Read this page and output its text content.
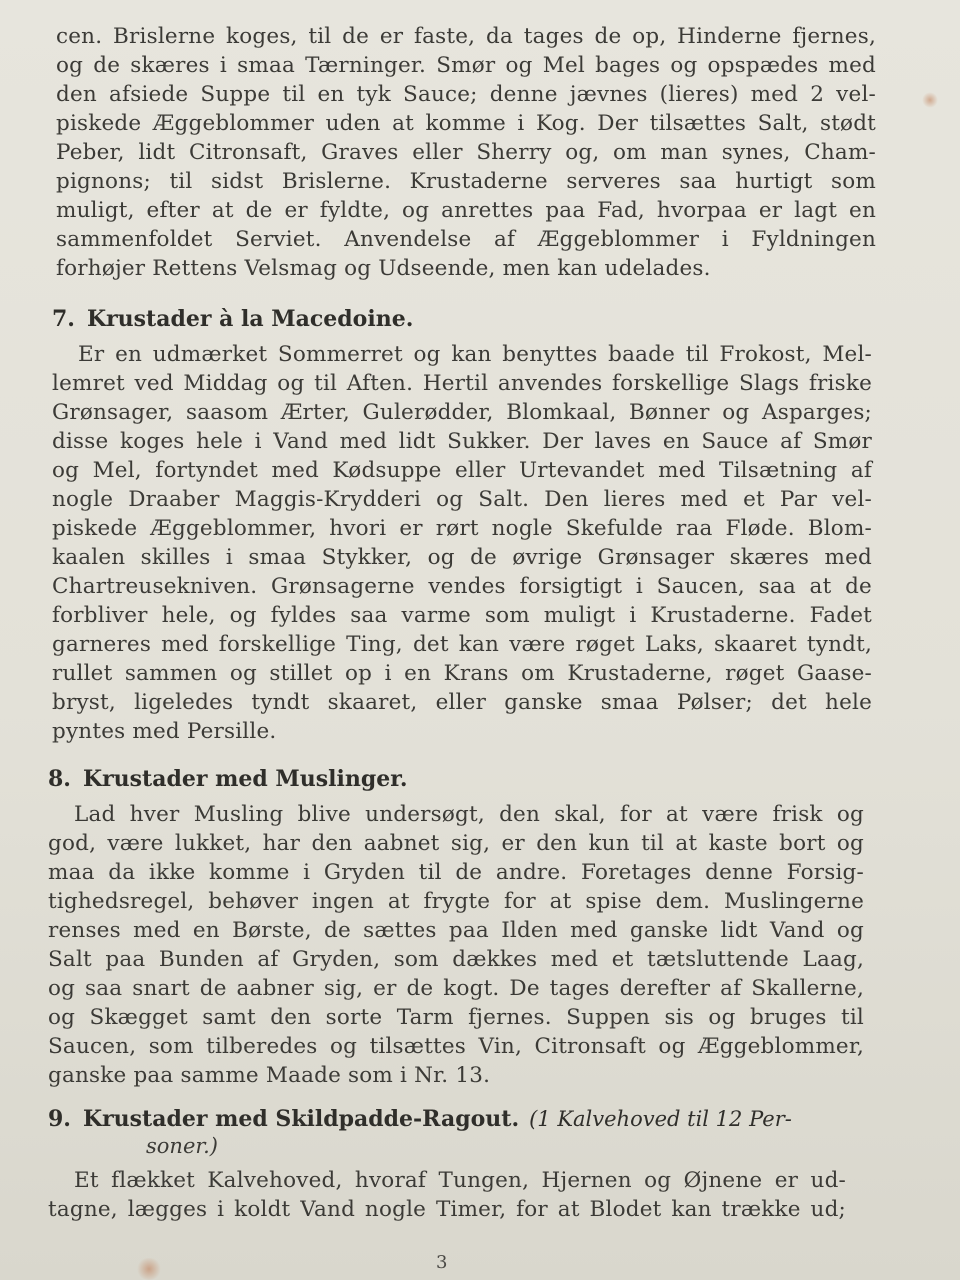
cen. Brislerne koges, til de er faste, da tages de op, Hinderne fjernes,
og de skæres i smaa Tærninger. Smør og Mel bages og opspædes med
den afsiede Suppe til en tyk Sauce; denne jævnes (lieres) med 2 vel-
piskede Æggeblommer uden at komme i Kog. Der tilsættes Salt, stødt
Peber, lidt Citronsaft, Graves eller Sherry og, om man synes, Cham-
pignons; til sidst Brislerne. Krustaderne serveres saa hurtigt som
muligt, efter at de er fyldte, og anrettes paa Fad, hvorpaa er lagt en
sammenfoldet Serviet. Anvendelse af Æggeblommer i Fyldningen
forhøjer Rettens Velsmag og Udseende, men kan udelades.

7. Krustader à la Macedoine.

Er en udmærket Sommerret og kan benyttes baade til Frokost, Mel-
lemret ved Middag og til Aften. Hertil anvendes forskellige Slags friske
Grønsager, saasom Ærter, Gulerødder, Blomkaal, Bønner og Asparges;
disse koges hele i Vand med lidt Sukker. Der laves en Sauce af Smør
og Mel, fortyndet med Kødsuppe eller Urtevandet med Tilsætning af
nogle Draaber Maggis-Krydderi og Salt. Den lieres med et Par vel-
piskede Æggeblommer, hvori er rørt nogle Skefulde raa Fløde. Blom-
kaalen skilles i smaa Stykker, og de øvrige Grønsager skæres med
Chartreusekniven. Grønsagerne vendes forsigtigt i Saucen, saa at de
forbliver hele, og fyldes saa varme som muligt i Krustaderne. Fadet
garneres med forskellige Ting, det kan være røget Laks, skaaret tyndt,
rullet sammen og stillet op i en Krans om Krustaderne, røget Gaase-
bryst, ligeledes tyndt skaaret, eller ganske smaa Pølser; det hele
pyntes med Persille.

8. Krustader med Muslinger.

Lad hver Musling blive undersøgt, den skal, for at være frisk og
god, være lukket, har den aabnet sig, er den kun til at kaste bort og
maa da ikke komme i Gryden til de andre. Foretages denne Forsig-
tighedsregel, behøver ingen at frygte for at spise dem. Muslingerne
renses med en Børste, de sættes paa Ilden med ganske lidt Vand og
Salt paa Bunden af Gryden, som dækkes med et tætsluttende Laag,
og saa snart de aabner sig, er de kogt. De tages derefter af Skallerne,
og Skægget samt den sorte Tarm fjernes. Suppen sis og bruges til
Saucen, som tilberedes og tilsættes Vin, Citronsaft og Æggeblommer,
ganske paa samme Maade som i Nr. 13.

9. Krustader med Skildpadde-Ragout. (1 Kalvehoved til 12 Per-
soner.)

Et flækket Kalvehoved, hvoraf Tungen, Hjernen og Øjnene er ud-
tagne, lægges i koldt Vand nogle Timer, for at Blodet kan trække ud;

3
